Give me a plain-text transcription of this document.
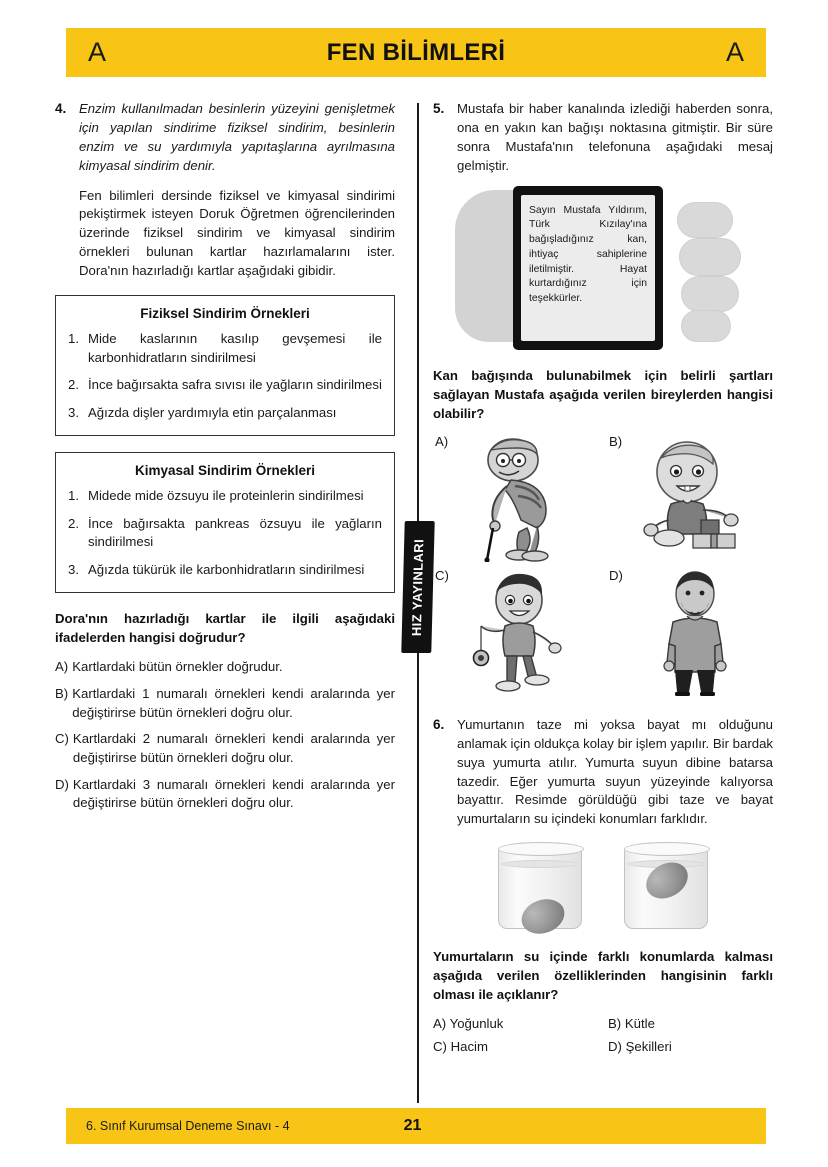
A	FEN BİLİMLERİ	A
HIZ YAYINLARI
4. Enzim kullanılmadan besinlerin yüzeyini genişletmek için yapılan sindirime fiziksel sindirim, besinlerin enzim ve su yardımıyla yapıtaşlarına ayrılmasına kimyasal sindirim denir.

Fen bilimleri dersinde fiziksel ve kimyasal sindirimi pekiştirmek isteyen Doruk Öğretmen öğrencilerinden üzerinde fiziksel sindirim ve kimyasal sindirim örnekleri bulunan kartlar hazırlamalarını ister. Dora'nın hazırladığı kartlar aşağıdaki gibidir.

Fiziksel Sindirim Örnekleri
1. Mide kaslarının kasılıp gevşemesi ile karbonhidratların sindirilmesi
2. İnce bağırsakta safra sıvısı ile yağların sindirilmesi
3. Ağızda dişler yardımıyla etin parçalanması
Kimyasal Sindirim Örnekleri
1. Midede mide özsuyu ile proteinlerin sindirilmesi
2. İnce bağırsakta pankreas özsuyu ile yağların sindirilmesi
3. Ağızda tükürük ile karbonhidratların sindirilmesi
Dora'nın hazırladığı kartlar ile ilgili aşağıdaki ifadelerden hangisi doğrudur?
A) Kartlardaki bütün örnekler doğrudur.
B) Kartlardaki 1 numaralı örnekleri kendi aralarında yer değiştirirse bütün örnekleri doğru olur.
C) Kartlardaki 2 numaralı örnekleri kendi aralarında yer değiştirirse bütün örnekleri doğru olur.
D) Kartlardaki 3 numaralı örnekleri kendi aralarında yer değiştirirse bütün örnekleri doğru olur.
5. Mustafa bir haber kanalında izlediği haberden sonra, ona en yakın kan bağışı noktasına gitmiştir. Bir süre sonra Mustafa'nın telefonuna aşağıdaki mesaj gelmiştir.

Sayın Mustafa Yıldırım, Türk Kızılay'ına bağışladığınız kan, ihtiyaç sahiplerine iletilmiştir. Hayat kurtardığınız için teşekkürler.
Kan bağışında bulunabilmek için belirli şartları sağlayan Mustafa aşağıda verilen bireylerden hangisi olabilir?
A)	B)
C)	D)
6. Yumurtanın taze mi yoksa bayat mı olduğunu anlamak için oldukça kolay bir işlem yapılır. Bir bardak suya yumurta atılır. Yumurta suyun dibine batarsa tazedir. Eğer yumurta suyun yüzeyinde kalıyorsa bayattır. Resimde görüldüğü gibi taze ve bayat yumurtaların su içindeki konumları farklıdır.

Yumurtaların su içinde farklı konumlarda kalması aşağıda verilen özelliklerinden hangisinin farklı olması ile açıklanır?
A) Yoğunluk	B) Kütle
C) Hacim	D) Şekilleri
6. Sınıf Kurumsal Deneme Sınavı - 4	21
